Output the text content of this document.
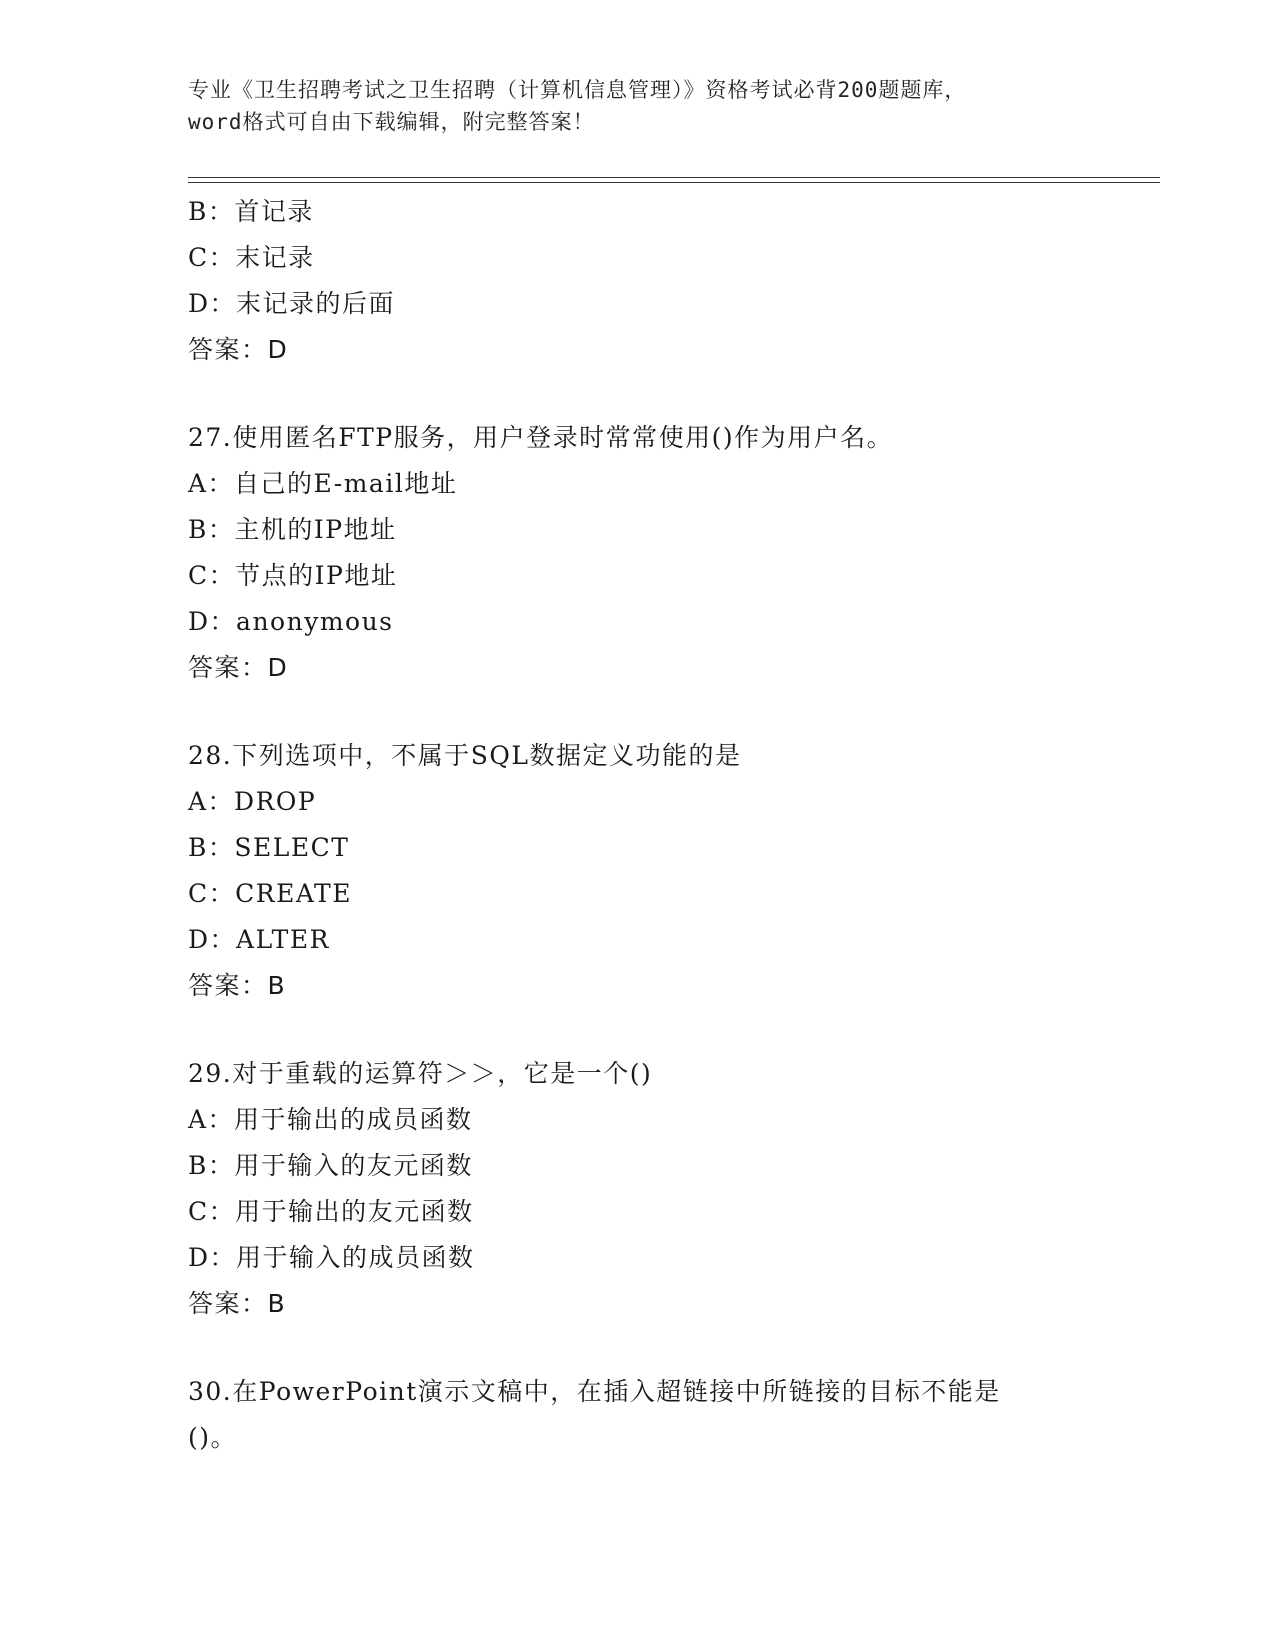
专业《卫生招聘考试之卫生招聘（计算机信息管理）》资格考试必背200题题库，
word格式可自由下载编辑，附完整答案！
B：首记录
C：末记录
D：末记录的后面
答案：D
27.使用匿名FTP服务，用户登录时常常使用()作为用户名。
A：自己的E-mail地址
B：主机的IP地址
C：节点的IP地址
D：anonymous
答案：D
28.下列选项中，不属于SQL数据定义功能的是
A：DROP
B：SELECT
C：CREATE
D：ALTER
答案：B
29.对于重载的运算符＞＞，它是一个()
A：用于输出的成员函数
B：用于输入的友元函数
C：用于输出的友元函数
D：用于输入的成员函数
答案：B
30.在PowerPoint演示文稿中，在插入超链接中所链接的目标不能是
()。
